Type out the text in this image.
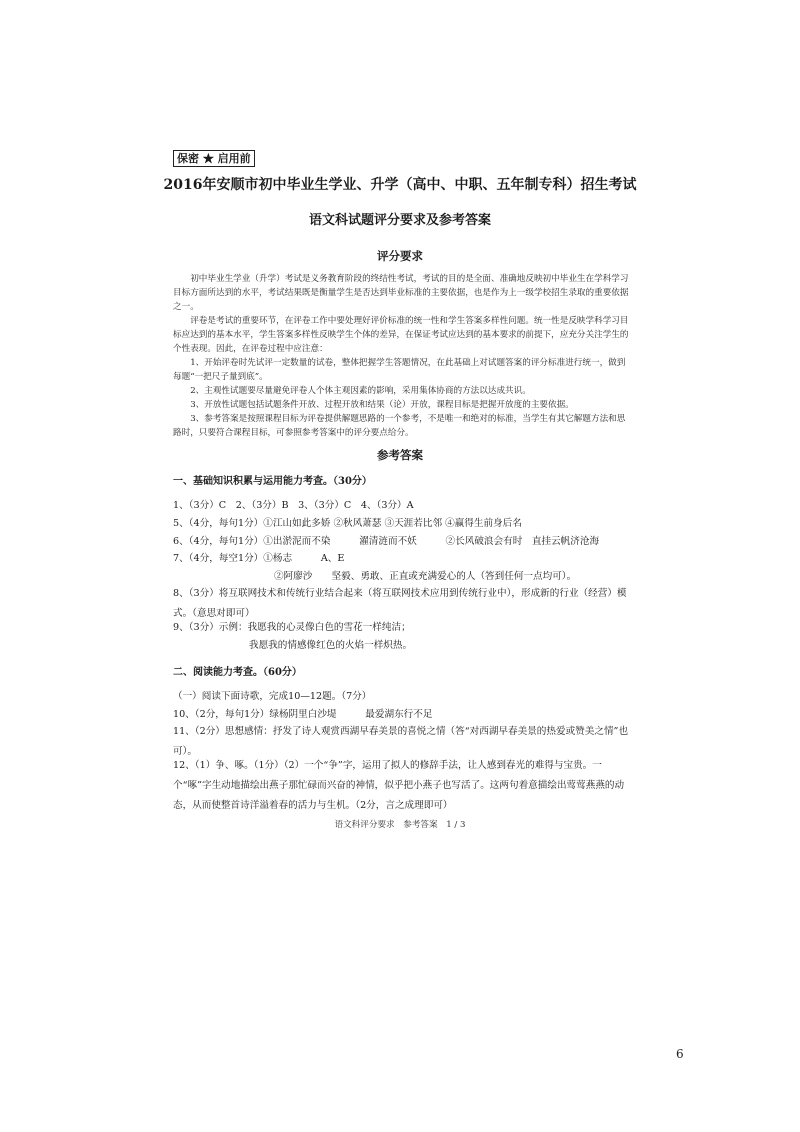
保密 ★ 启用前
2016年安顺市初中毕业生学业、升学（高中、中职、五年制专科）招生考试
语文科试题评分要求及参考答案
评分要求
初中毕业生学业（升学）考试是义务教育阶段的终结性考试，考试的目的是全面、准确地反映初中毕业生在学科学习目标方面所达到的水平，考试结果既是衡量学生是否达到毕业标准的主要依据，也是作为上一级学校招生录取的重要依据之一。
评卷是考试的重要环节，在评卷工作中要处理好评价标准的统一性和学生答案多样性问题。统一性是反映学科学习目标应达到的基本水平，学生答案多样性反映学生个体的差异，在保证考试应达到的基本要求的前提下，应充分关注学生的个性表现。因此，在评卷过程中应注意：
1、开始评卷时先试评一定数量的试卷，整体把握学生答题情况，在此基础上对试题答案的评分标准进行统一，做到每题“一把尺子量到底”。
2、主观性试题要尽量避免评卷人个体主观因素的影响，采用集体协商的方法以达成共识。
3、开放性试题包括试题条件开放、过程开放和结果（论）开放，课程目标是把握开放度的主要依据。
3、参考答案是按照课程目标为评卷提供解题思路的一个参考，不是唯一和绝对的标准，当学生有其它解题方法和思路时，只要符合课程目标，可参照参考答案中的评分要点给分。
参考答案
一、基础知识积累与运用能力考查。（30分）
1、（3分）C　2、（3分）B　3、（3分）C　4、（3分）A
5、（4分，每句1分）①江山如此多娇 ②秋风萧瑟 ③天涯若比邻 ④赢得生前身后名
6、（4分，每句1分）①出淤泥而不染　　　濯清涟而不妖　　　②长风破浪会有时　直挂云帆济沧海
7、（4分，每空1分）①杨志　　　A、E
②阿廖沙　　坚毅、勇敢、正直或充满爱心的人（答到任何一点均可）。
8、（3分）将互联网技术和传统行业结合起来（将互联网技术应用到传统行业中），形成新的行业（经营）模式。（意思对即可）
9、（3分）示例：我愿我的心灵像白色的雪花一样纯洁；
我愿我的情感像红色的火焰一样炽热。
二、阅读能力考查。（60分）
（一）阅读下面诗歌，完成10—12题。（7分）
10、（2分，每句1分）绿杨阴里白沙堤　　　最爱湖东行不足
11、（2分）思想感情：抒发了诗人观赏西湖早春美景的喜悦之情（答“对西湖早春美景的热爱或赞美之情”也可）。
12、（1）争、啄。（1分）（2）一个“争”字，运用了拟人的修辞手法，让人感到春光的难得与宝贵。一个“啄”字生动地描绘出燕子那忙碌而兴奋的神情，似乎把小燕子也写活了。这两句着意描绘出莺莺燕燕的动态，从而使整首诗洋溢着春的活力与生机。（2分，言之成理即可）
语文科评分要求　参考答案　1 / 3
6
